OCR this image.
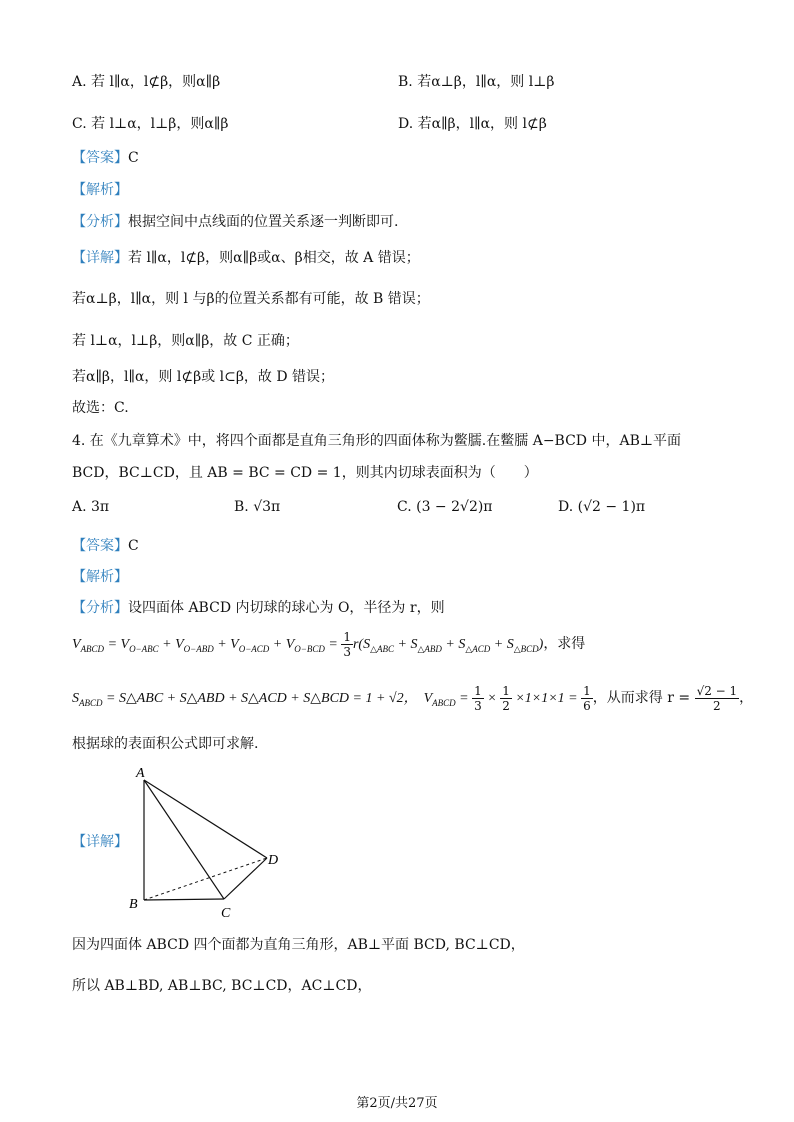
A. 若 l∥α，l⊄β，则α∥β	B. 若α⊥β，l∥α，则 l⊥β
C. 若 l⊥α，l⊥β，则α∥β	D. 若α∥β，l∥α，则 l⊄β
【答案】C
【解析】
【分析】根据空间中点线面的位置关系逐一判断即可.
【详解】若 l∥α，l⊄β，则α∥β或α、β相交，故 A 错误；
若α⊥β，l∥α，则 l 与β的位置关系都有可能，故 B 错误；
若 l⊥α，l⊥β，则α∥β，故 C 正确；
若α∥β，l∥α，则 l⊄β或 l⊂β，故 D 错误；
故选：C.
4. 在《九章算术》中，将四个面都是直角三角形的四面体称为鳖臑.在鳖臑 A−BCD 中，AB⊥平面
BCD，BC⊥CD，且 AB = BC = CD = 1，则其内切球表面积为（　　）
A. 3π	B. √3π	C. (3 − 2√2)π	D. (√2 − 1)π
【答案】C
【解析】
【分析】设四面体 ABCD 内切球的球心为 O，半径为 r，则
$V_{ABCD} = V_{O-ABC} + V_{O-ABD} + V_{O-ACD} + V_{O-BCD} = \frac{1}{3} r(S_{\triangle ABC} + S_{\triangle ABD} + S_{\triangle ACD} + S_{\triangle BCD})$，求得
$S_{ABCD}$ = S△ABC + S△ABD + S△ACD + S△BCD = 1 + √2， $V_{ABCD} = \frac{1}{3} \times \frac{1}{2} \times 1\times 1\times 1 = \frac{1}{6}$ ，从而求得 $r = \frac{√2 - 1}{2}$ ，
根据球的表面积公式即可求解.
【详解】
A
B
C
D
因为四面体 ABCD 四个面都为直角三角形，AB⊥平面 BCD, BC⊥CD，
所以 AB⊥BD, AB⊥BC, BC⊥CD，AC⊥CD，
第2页/共27页
